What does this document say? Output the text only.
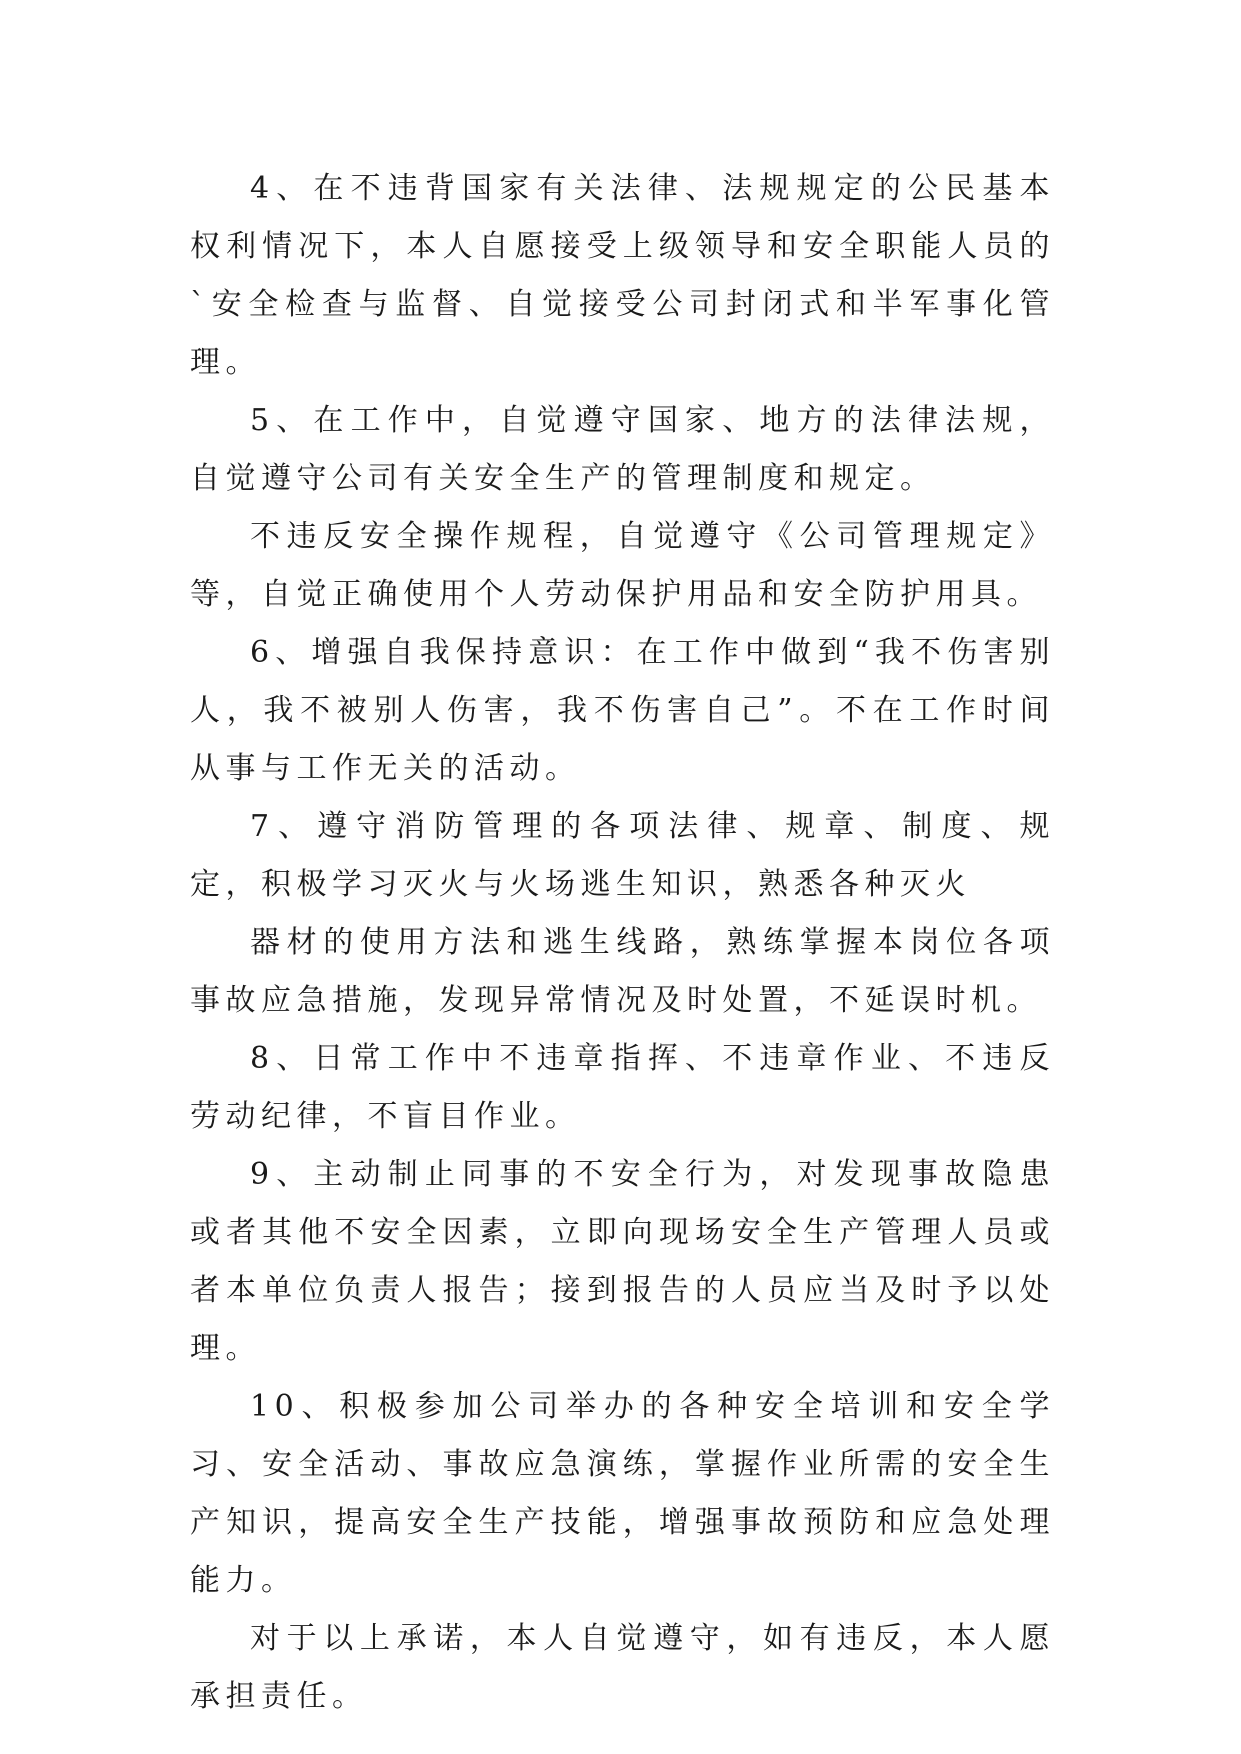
4、在不违背国家有关法律、法规规定的公民基本权利情况下，本人自愿接受上级领导和安全职能人员的`安全检查与监督、自觉接受公司封闭式和半军事化管理。

5、在工作中，自觉遵守国家、地方的法律法规，自觉遵守公司有关安全生产的管理制度和规定。

不违反安全操作规程，自觉遵守《公司管理规定》等，自觉正确使用个人劳动保护用品和安全防护用具。

6、增强自我保持意识：在工作中做到“我不伤害别人，我不被别人伤害，我不伤害自己”。不在工作时间从事与工作无关的活动。

7、遵守消防管理的各项法律、规章、制度、规定，积极学习灭火与火场逃生知识，熟悉各种灭火

器材的使用方法和逃生线路，熟练掌握本岗位各项事故应急措施，发现异常情况及时处置，不延误时机。

8、日常工作中不违章指挥、不违章作业、不违反劳动纪律，不盲目作业。

9、主动制止同事的不安全行为，对发现事故隐患或者其他不安全因素，立即向现场安全生产管理人员或者本单位负责人报告；接到报告的人员应当及时予以处理。

10、积极参加公司举办的各种安全培训和安全学习、安全活动、事故应急演练，掌握作业所需的安全生产知识，提高安全生产技能，增强事故预防和应急处理能力。

对于以上承诺，本人自觉遵守，如有违反，本人愿承担责任。
